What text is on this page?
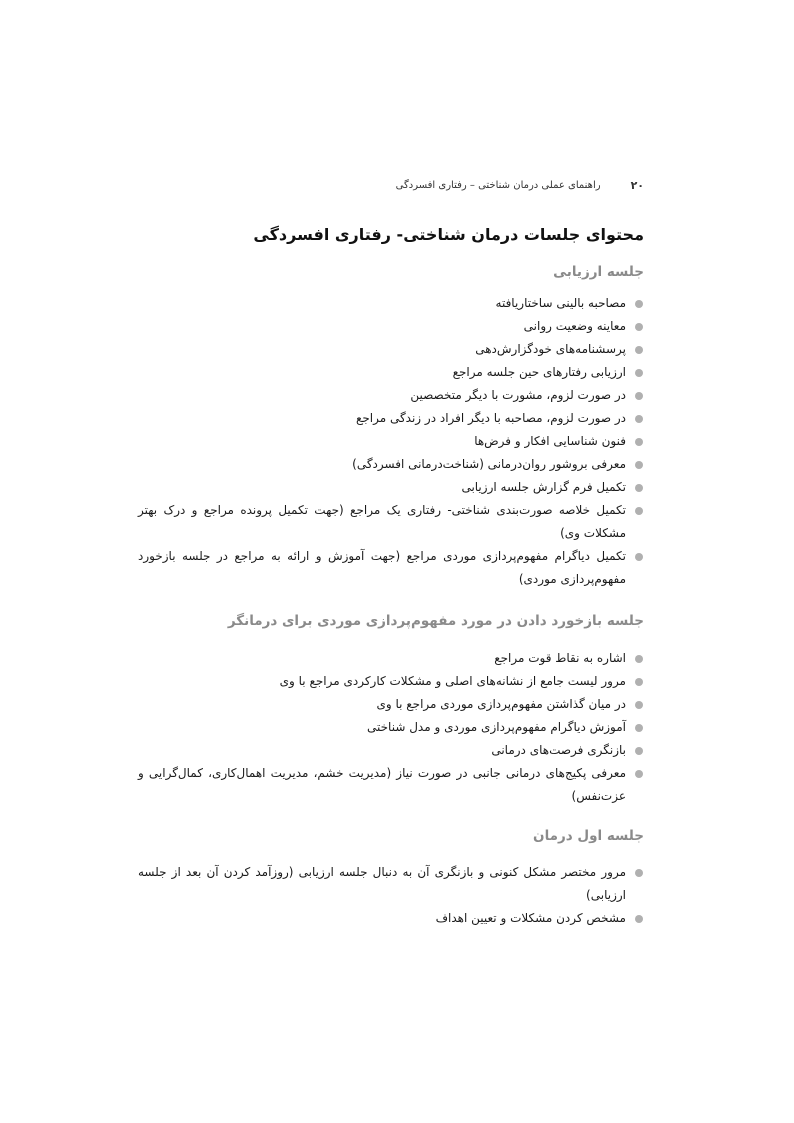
۲۰
راهنمای عملی درمان شناختی – رفتاری افسردگی
محتوای جلسات درمان شناختی- رفتاری افسردگی
جلسه ارزیابی
مصاحبه بالینی ساختاریافته
معاینه وضعیت روانی
پرسشنامه‌های خودگزارش‌دهی
ارزیابی رفتارهای حین جلسه مراجع
در صورت لزوم، مشورت با دیگر متخصصین
در صورت لزوم، مصاحبه با دیگر افراد در زندگی مراجع
فنون شناسایی افکار و فرض‌ها
معرفی بروشور روان‌درمانی (شناخت‌درمانی افسردگی)
تکمیل فرم گزارش جلسه ارزیابی
تکمیل خلاصه صورت‌بندی شناختی- رفتاری یک مراجع (جهت تکمیل پرونده مراجع و درک بهتر مشکلات وی)
تکمیل دیاگرام مفهوم‌پردازی موردی مراجع (جهت آموزش و ارائه به مراجع در جلسه بازخورد مفهوم‌پردازی موردی)
جلسه بازخورد دادن در مورد مفهوم‌پردازی موردی برای درمانگر
اشاره به نقاط قوت مراجع
مرور لیست جامع از نشانه‌های اصلی و مشکلات کارکردی مراجع با وی
در میان گذاشتن مفهوم‌پردازی موردی مراجع با وی
آموزش دیاگرام مفهوم‌پردازی موردی و مدل شناختی
بازنگری فرصت‌های درمانی
معرفی پکیج‌های درمانی جانبی در صورت نیاز (مدیریت خشم، مدیریت اهمال‌کاری، کمال‌گرایی و عزت‌نفس)
جلسه اول درمان
مرور مختصر مشکل کنونی و بازنگری آن به دنبال جلسه ارزیابی (روزآمد کردن آن بعد از جلسه ارزیابی)
مشخص کردن مشکلات و تعیین اهداف
